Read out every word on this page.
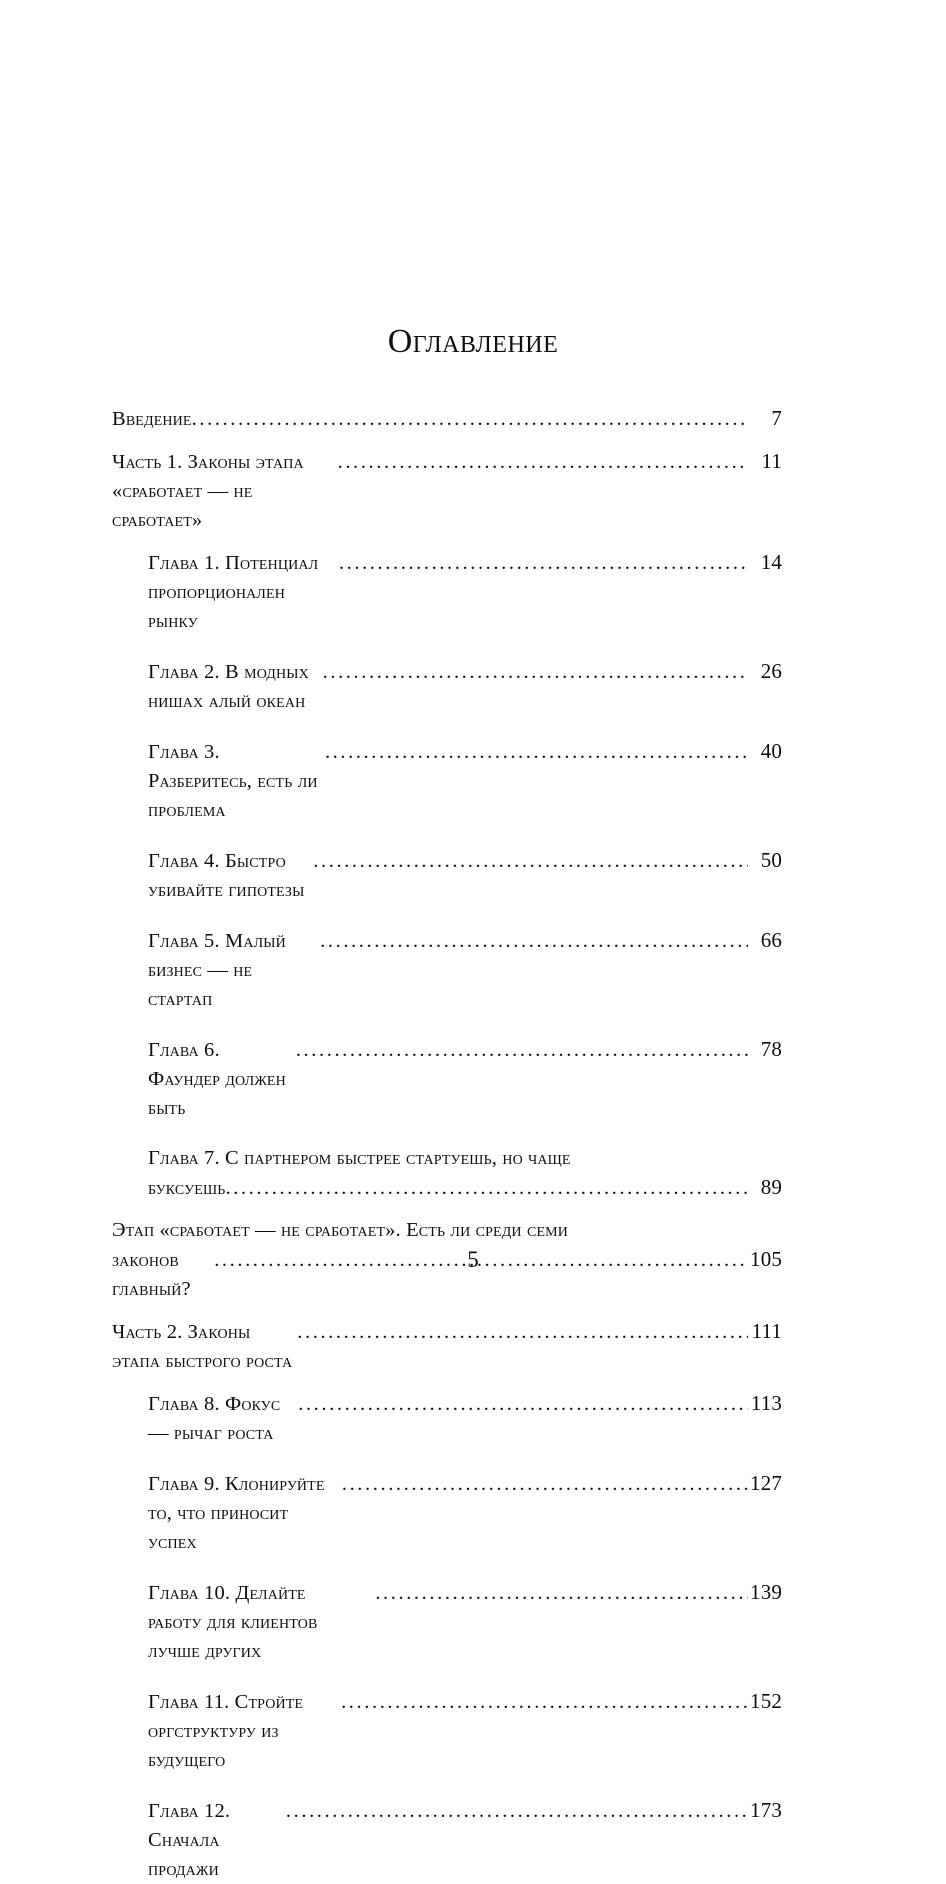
Оглавление
Введение .....	7
Часть 1. Законы этапа «сработает — не сработает»
.....
11
Глава 1. Потенциал пропорционален рынку
.....
14
Глава 2. В модных нишах алый океан
.....
26
Глава 3. Разберитесь, есть ли проблема
.....
40
Глава 4. Быстро убивайте гипотезы
.....
50
Глава 5. Малый бизнес — не стартап
.....
66
Глава 6. Фаундер должен быть
.....
78
Глава 7. С партнером быстрее стартуешь, но чаще
буксуешь .....	89
Этап «сработает — не сработает». Есть ли среди семи
законов главный?
.....
105
Часть 2. Законы этапа быстрого роста
.....
111
Глава 8. Фокус — рычаг роста
.....
113
Глава 9. Клонируйте то, что приносит успех
.....
127
Глава 10. Делайте работу для клиентов лучше других
.....
139
Глава 11. Стройте оргструктуру из будущего
.....
152
Глава 12. Сначала продажи
.....
173
5
